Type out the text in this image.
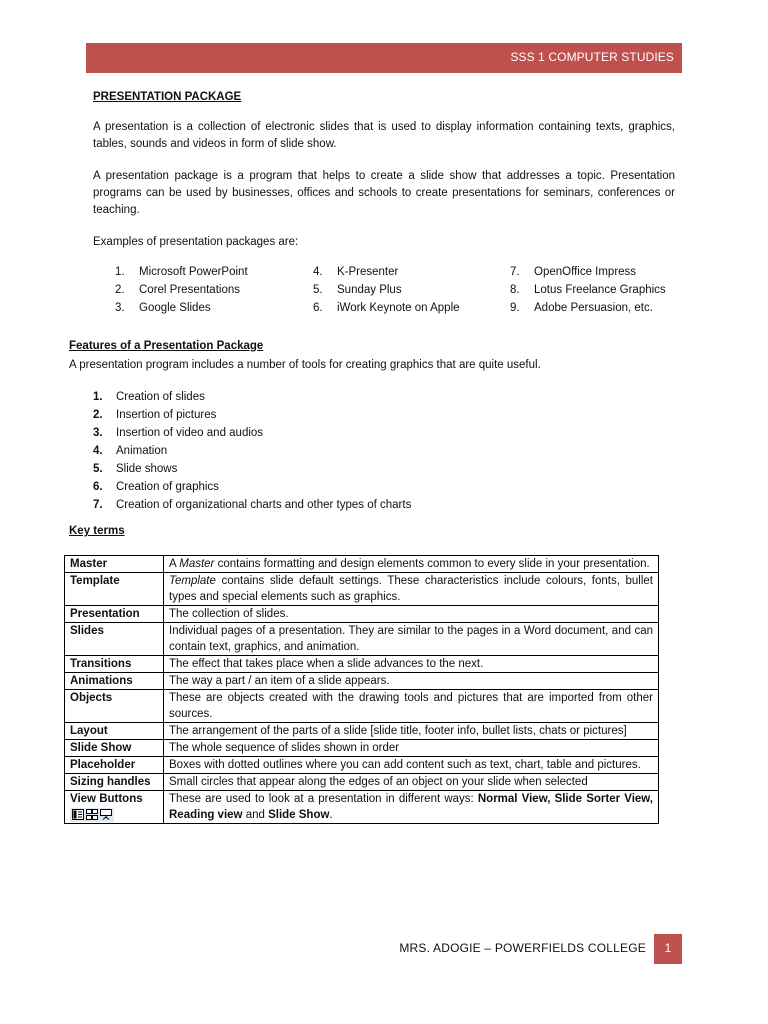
SSS 1 COMPUTER STUDIES
PRESENTATION PACKAGE
A presentation is a collection of electronic slides that is used to display information containing texts, graphics, tables, sounds and videos in form of slide show.
A presentation package is a program that helps to create a slide show that addresses a topic. Presentation programs can be used by businesses, offices and schools to create presentations for seminars, conferences or teaching.
Examples of presentation packages are:
1. Microsoft PowerPoint
2. Corel Presentations
3. Google Slides
4. K-Presenter
5. Sunday Plus
6. iWork Keynote on Apple
7. OpenOffice Impress
8. Lotus Freelance Graphics
9. Adobe Persuasion, etc.
Features of a Presentation Package
A presentation program includes a number of tools for creating graphics that are quite useful.
1. Creation of slides
2. Insertion of pictures
3. Insertion of video and audios
4. Animation
5. Slide shows
6. Creation of graphics
7. Creation of organizational charts and other types of charts
Key terms
Master	A Master contains formatting and design elements common to every slide in your presentation.
Template	Template contains slide default settings. These characteristics include colours, fonts, bullet types and special elements such as graphics.
Presentation	The collection of slides.
Slides	Individual pages of a presentation. They are similar to the pages in a Word document, and can contain text, graphics, and animation.
Transitions	The effect that takes place when a slide advances to the next.
Animations	The way a part / an item of a slide appears.
Objects	These are objects created with the drawing tools and pictures that are imported from other sources.
Layout	The arrangement of the parts of a slide [slide title, footer info, bullet lists, chats or pictures]
Slide Show	The whole sequence of slides shown in order
Placeholder	Boxes with dotted outlines where you can add content such as text, chart, table and pictures.
Sizing handles	Small circles that appear along the edges of an object on your slide when selected

View Buttons	These are used to look at a presentation in different ways: Normal View, Slide Sorter View, Reading view and Slide Show.
MRS. ADOGIE – POWERFIELDS COLLEGE	1
